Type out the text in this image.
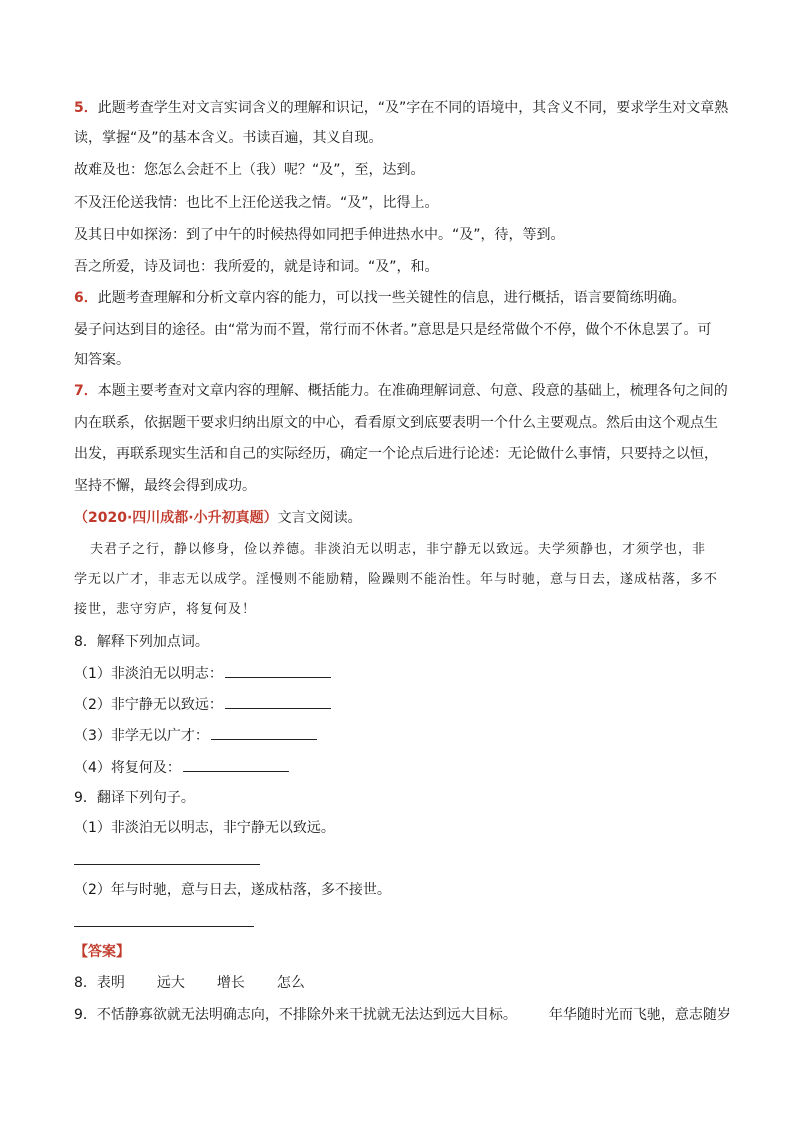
5．此题考查学生对文言实词含义的理解和识记，“及”字在不同的语境中，其含义不同，要求学生对文章熟
读，掌握“及”的基本含义。书读百遍，其义自现。
故难及也：您怎么会赶不上（我）呢？“及”，至，达到。
不及汪伦送我情：也比不上汪伦送我之情。“及”，比得上。
及其日中如探汤：到了中午的时候热得如同把手伸进热水中。“及”，待，等到。
吾之所爱，诗及词也：我所爱的，就是诗和词。“及”，和。
6．此题考查理解和分析文章内容的能力，可以找一些关键性的信息，进行概括，语言要简练明确。
晏子问达到目的途径。由“常为而不置，常行而不休者。”意思是只是经常做个不停，做个不休息罢了。可
知答案。
7．本题主要考查对文章内容的理解、概括能力。在准确理解词意、句意、段意的基础上，梳理各句之间的
内在联系，依据题干要求归纳出原文的中心，看看原文到底要表明一个什么主要观点。然后由这个观点生
出发，再联系现实生活和自己的实际经历，确定一个论点后进行论述：无论做什么事情，只要持之以恒，
坚持不懈，最终会得到成功。
（2020·四川成都·小升初真题）文言文阅读。
夫君子之行，静以修身，俭以养德。非淡泊无以明志，非宁静无以致远。夫学须静也，才须学也，非
学无以广才，非志无以成学。淫慢则不能励精，险躁则不能治性。年与时驰，意与日去，遂成枯落，多不
接世，悲守穷庐，将复何及！
8．解释下列加点词。
（1）非淡泊无以明志：
（2）非宁静无以致远：
（3）非学无以广才：
（4）将复何及：
9．翻译下列句子。
（1）非淡泊无以明志，非宁静无以致远。
（2）年与时驰，意与日去，遂成枯落，多不接世。
【答案】
8．表明 远大 增长 怎么
9．不恬静寡欲就无法明确志向，不排除外来干扰就无法达到远大目标。 年华随时光而飞驰，意志随岁
